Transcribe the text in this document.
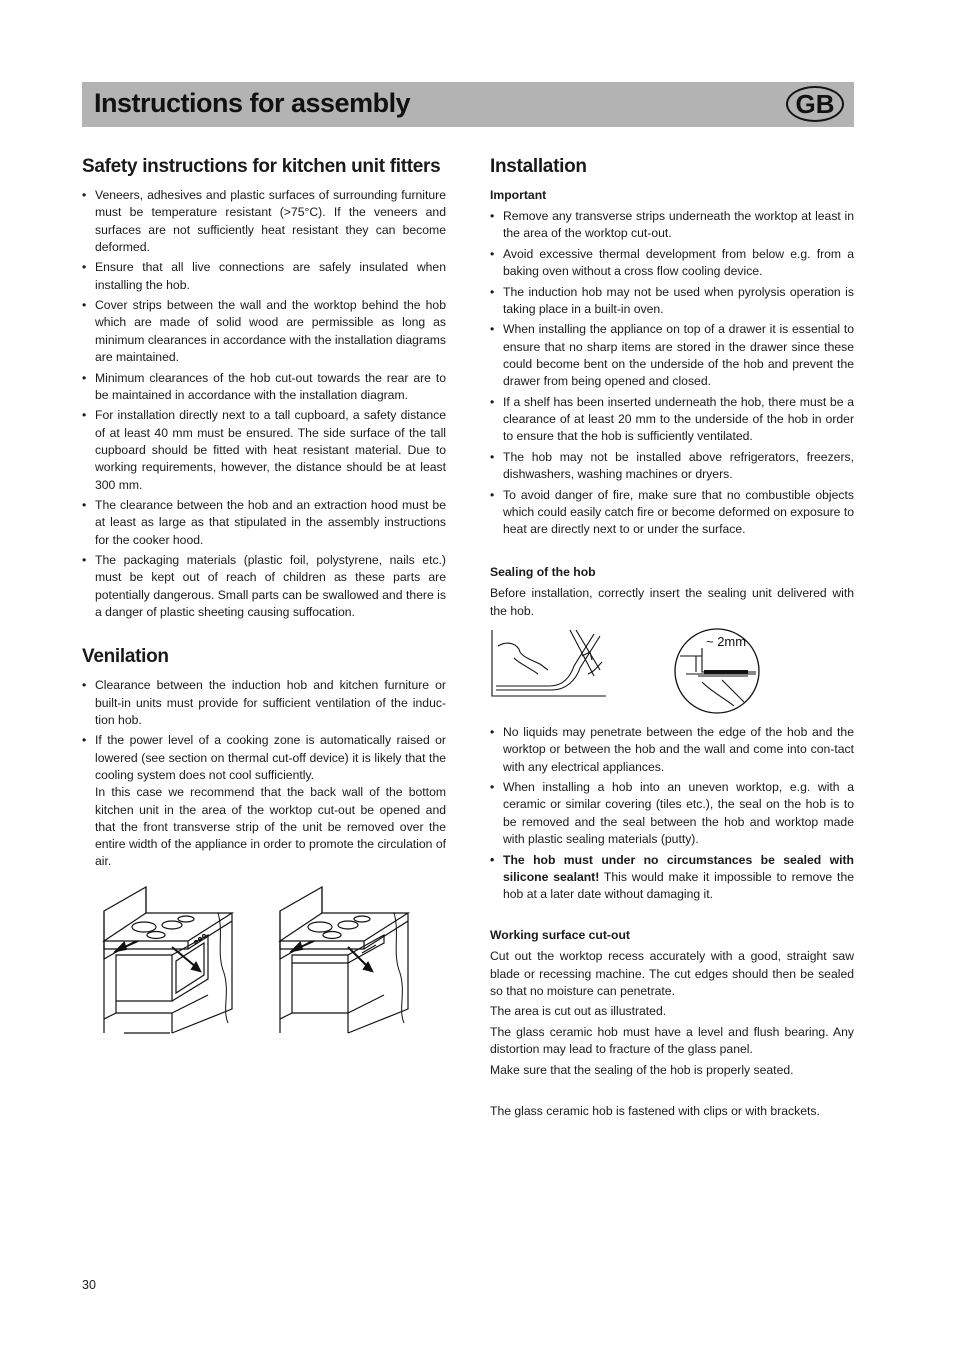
Instructions for assembly	GB
Safety instructions for kitchen unit fitters
• Veneers, adhesives and plastic surfaces of surrounding furniture must be temperature resistant (>75°C). If the veneers and surfaces are not sufficiently heat resistant they can become deformed.
• Ensure that all live connections are safely insulated when installing the hob.
• Cover strips between the wall and the worktop behind the hob which are made of solid wood are permissible as long as minimum clearances in accordance with the installation diagrams are maintained.
• Minimum clearances of the hob cut-out towards the rear are to be maintained in accordance with the installation diagram.
• For installation directly next to a tall cupboard, a safety distance of at least 40 mm must be ensured. The side surface of the tall cupboard should be fitted with heat resistant material. Due to working requirements, however, the distance should be at least 300 mm.
• The clearance between the hob and an extraction hood must be at least as large as that stipulated in the assembly instructions for the cooker hood.
• The packaging materials (plastic foil, polystyrene, nails etc.) must be kept out of reach of children as these parts are potentially dangerous. Small parts can be swallowed and there is a danger of plastic sheeting causing suffocation.
Venilation
• Clearance between the induction hob and kitchen furniture or built-in units must provide for sufficient ventilation of the induc-tion hob.
• If the power level of a cooking zone is automatically raised or lowered (see section on thermal cut-off device) it is likely that the cooling system does not cool sufficiently.
In this case we recommend that the back wall of the bottom kitchen unit in the area of the worktop cut-out be opened and that the front transverse strip of the unit be removed over the entire width of the appliance in order to promote the circulation of air.
Installation
Important
• Remove any transverse strips underneath the worktop at least in the area of the worktop cut-out.
• Avoid excessive thermal development from below e.g. from a baking oven without a cross flow cooling device.
• The induction hob may not be used when pyrolysis operation is taking place in a built-in oven.
• When installing the appliance on top of a drawer it is essential to ensure that no sharp items are stored in the drawer since these could become bent on the underside of the hob and prevent the drawer from being opened and closed.
• If a shelf has been inserted underneath the hob, there must be a clearance of at least 20 mm to the underside of the hob in order to ensure that the hob is sufficiently ventilated.
• The hob may not be installed above refrigerators, freezers, dishwashers, washing machines or dryers.
• To avoid danger of fire, make sure that no combustible objects which could easily catch fire or become deformed on exposure to heat are directly next to or under the surface.
Sealing of the hob

Before installation, correctly insert the sealing unit delivered with the hob.

~ 2mm
• No liquids may penetrate between the edge of the hob and the worktop or between the hob and the wall and come into con-tact with any electrical appliances.
• When installing a hob into an uneven worktop, e.g. with a ceramic or similar covering (tiles etc.), the seal on the hob is to be removed and the seal between the hob and worktop made with plastic sealing materials (putty).
• The hob must under no circumstances be sealed with silicone sealant! This would make it impossible to remove the hob at a later date without damaging it.
Working surface cut-out

Cut out the worktop recess accurately with a good, straight saw blade or recessing machine. The cut edges should then be sealed so that no moisture can penetrate.

The area is cut out as illustrated.

The glass ceramic hob must have a level and flush bearing. Any distortion may lead to fracture of the glass panel.

Make sure that the sealing of the hob is properly seated.

The glass ceramic hob is fastened with clips or with brackets.

30
